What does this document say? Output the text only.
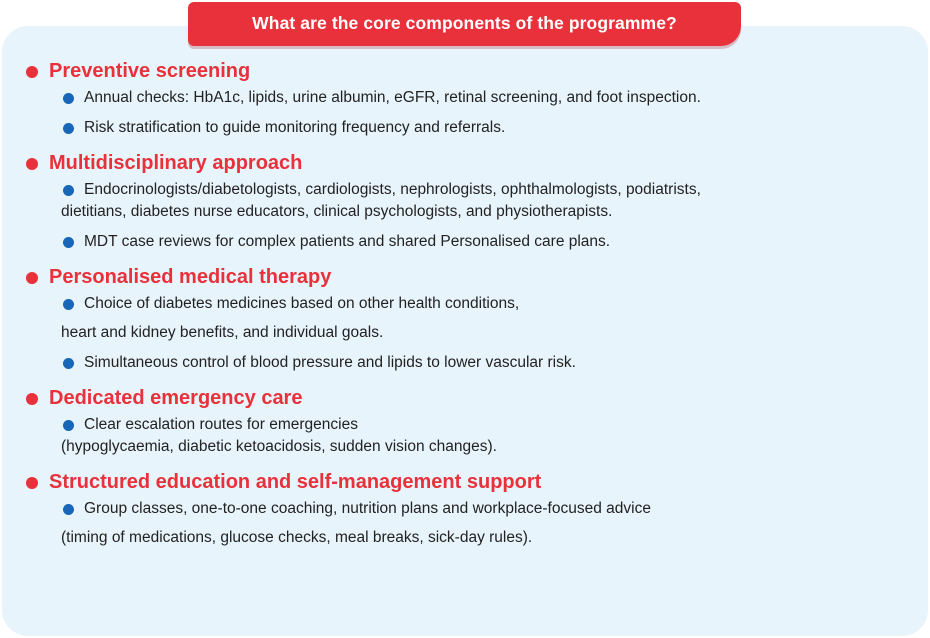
What are the core components of the programme?
Preventive screening
Annual checks: HbA1c, lipids, urine albumin, eGFR, retinal screening, and foot inspection.
Risk stratification to guide monitoring frequency and referrals.
Multidisciplinary approach
Endocrinologists/diabetologists, cardiologists, nephrologists, ophthalmologists, podiatrists,
dietitians, diabetes nurse educators, clinical psychologists, and physiotherapists.
MDT case reviews for complex patients and shared Personalised care plans.
Personalised medical therapy
Choice of diabetes medicines based on other health conditions,
heart and kidney benefits, and individual goals.
Simultaneous control of blood pressure and lipids to lower vascular risk.
Dedicated emergency care
Clear escalation routes for emergencies
(hypoglycaemia, diabetic ketoacidosis, sudden vision changes).
Structured education and self-management support
Group classes, one-to-one coaching, nutrition plans and workplace-focused advice
(timing of medications, glucose checks, meal breaks, sick-day rules).
